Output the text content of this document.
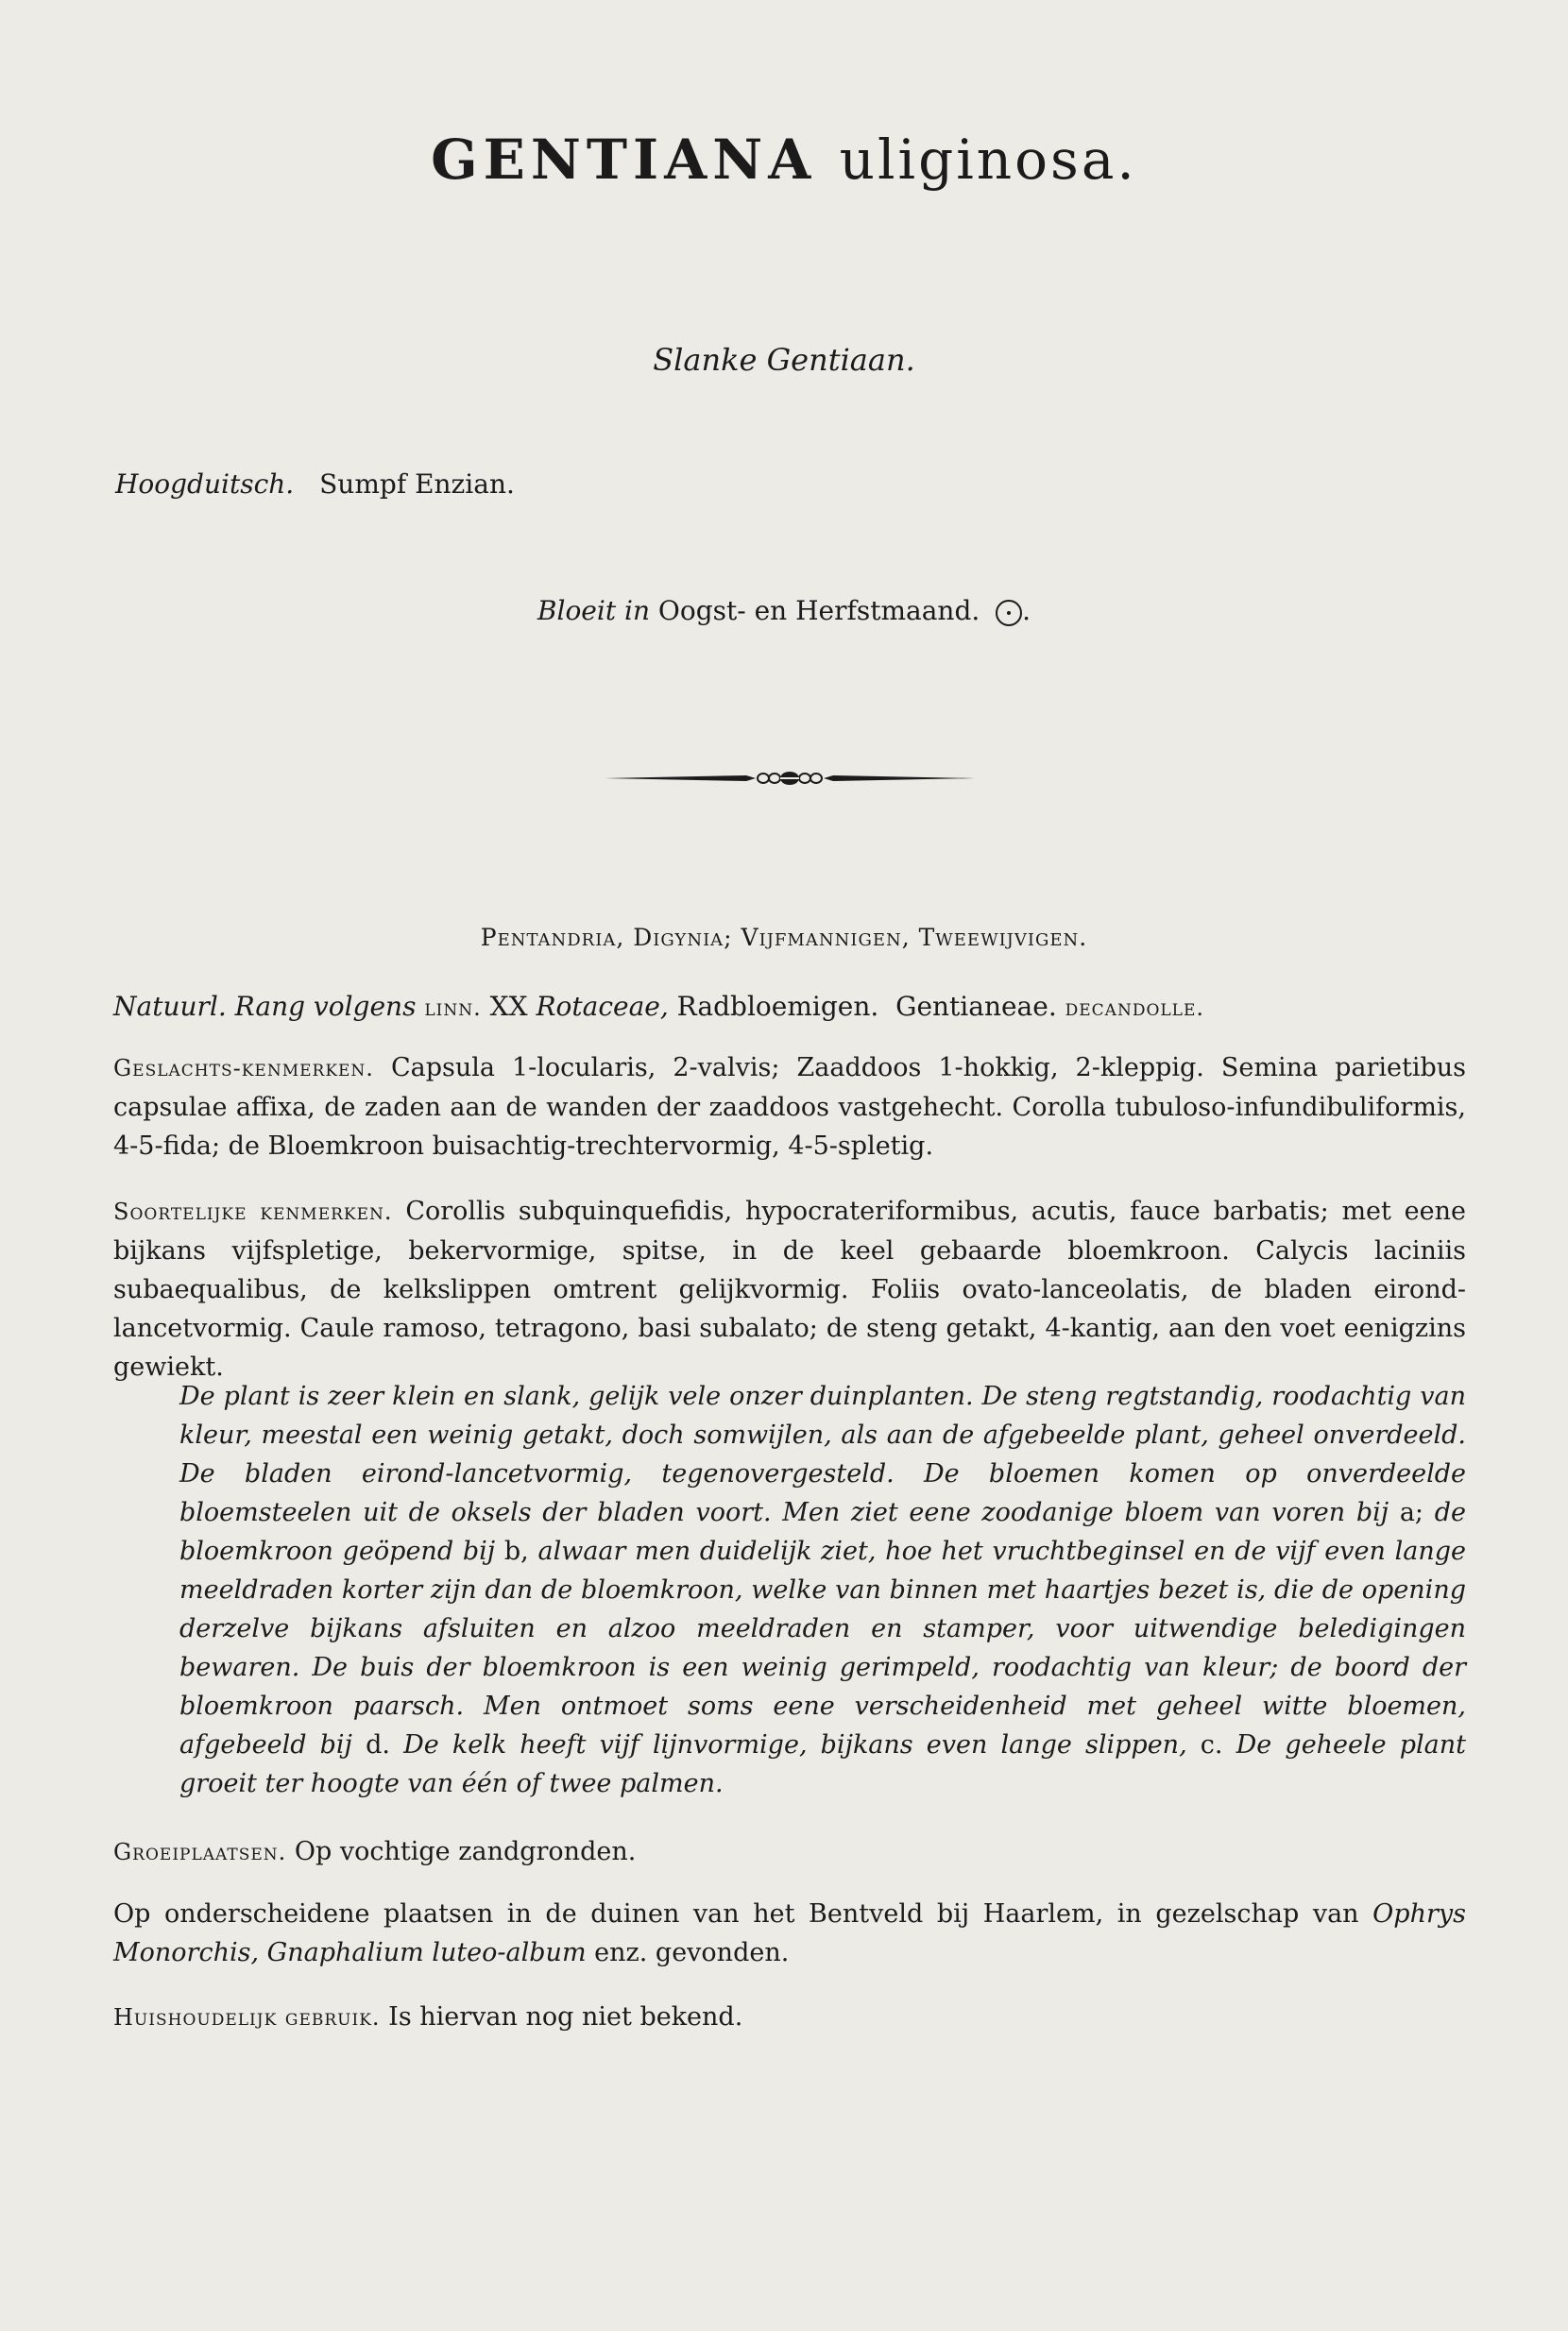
GENTIANA uliginosa.
Slanke Gentiaan.
Hoogduitsch. Sumpf Enzian.
Bloeit in Oogst- en Herfstmaand. .
Pentandria, Digynia; Vijfmannigen, Tweewijvigen.
Natuurl. Rang volgens linn. XX Rotaceae, Radbloemigen. Gentianeae. decandolle.
Geslachts-kenmerken. Capsula 1-locularis, 2-valvis; Zaaddoos 1-hokkig, 2-kleppig. Semina parietibus capsulae affixa, de zaden aan de wanden der zaaddoos vastgehecht. Corolla tubuloso-infundibuliformis, 4-5-fida; de Bloemkroon buisachtig-trechtervormig, 4-5-spletig.
Soortelijke kenmerken. Corollis subquinquefidis, hypocrateriformibus, acutis, fauce barbatis; met eene bijkans vijfspletige, bekervormige, spitse, in de keel gebaarde bloemkroon. Calycis laciniis subaequalibus, de kelkslippen omtrent gelijkvormig. Foliis ovato-lanceolatis, de bladen eirond-lancetvormig. Caule ramoso, tetragono, basi subalato; de steng getakt, 4-kantig, aan den voet eenigzins gewiekt.
De plant is zeer klein en slank, gelijk vele onzer duinplanten. De steng regtstandig, roodachtig van kleur, meestal een weinig getakt, doch somwijlen, als aan de afgebeelde plant, geheel onverdeeld. De bladen eirond-lancetvormig, tegenovergesteld. De bloemen komen op onverdeelde bloemsteelen uit de oksels der bladen voort. Men ziet eene zoodanige bloem van voren bij a; de bloemkroon geöpend bij b, alwaar men duidelijk ziet, hoe het vruchtbeginsel en de vijf even lange meeldraden korter zijn dan de bloemkroon, welke van binnen met haartjes bezet is, die de opening derzelve bijkans afsluiten en alzoo meeldraden en stamper, voor uitwendige beledigingen bewaren. De buis der bloemkroon is een weinig gerimpeld, roodachtig van kleur; de boord der bloemkroon paarsch. Men ontmoet soms eene verscheidenheid met geheel witte bloemen, afgebeeld bij d. De kelk heeft vijf lijnvormige, bijkans even lange slippen, c. De geheele plant groeit ter hoogte van één of twee palmen.
Groeiplaatsen. Op vochtige zandgronden.
Op onderscheidene plaatsen in de duinen van het Bentveld bij Haarlem, in gezelschap van Ophrys Monorchis, Gnaphalium luteo-album enz. gevonden.
Huishoudelijk gebruik. Is hiervan nog niet bekend.
